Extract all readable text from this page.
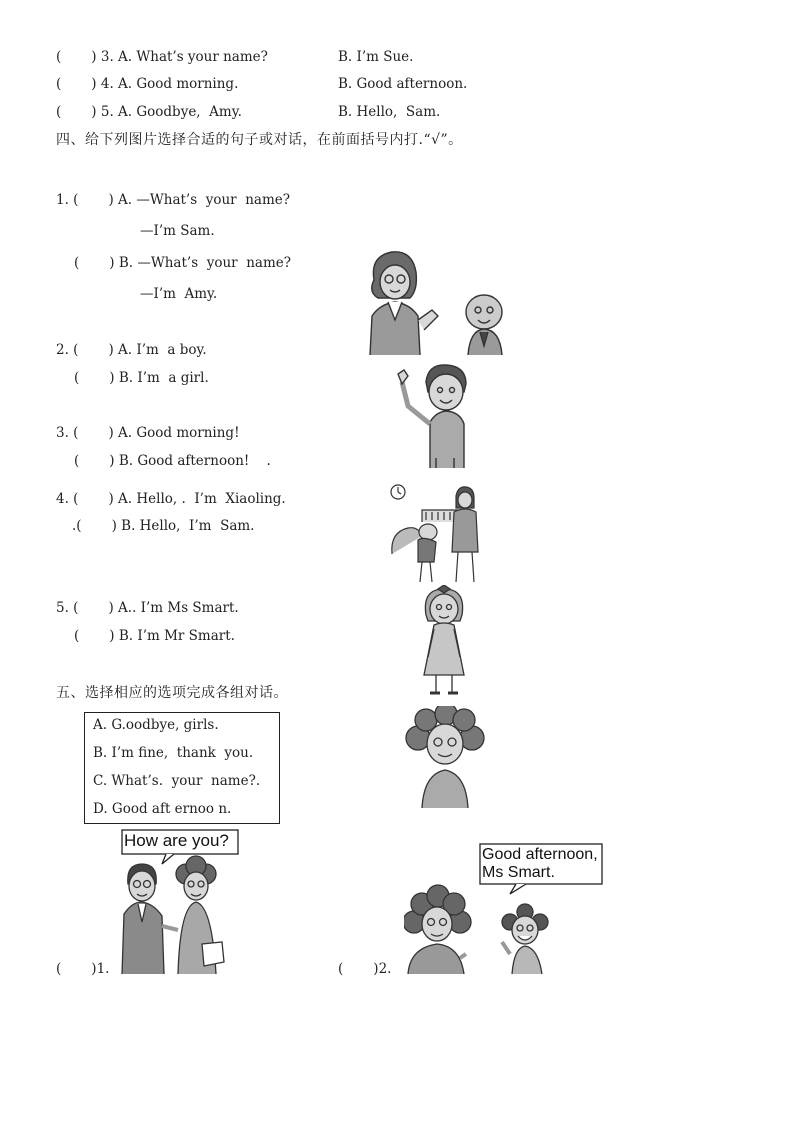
(       ) 3. A. What’s your name?	B. I’m Sue.
(       ) 4. A. Good morning.	B. Good afternoon.
(       ) 5. A. Goodbye,  Amy.	B. Hello,  Sam.
四、给下列图片选择合适的句子或对话，在前面括号内打.“√”。
1. (       ) A. —What’s  your  name?
—I’m Sam.
(       ) B. —What’s  your  name?
—I’m  Amy.
2. (       ) A. I’m  a boy.
(       ) B. I’m  a girl.
3. (       ) A. Good morning!
(       ) B. Good afternoon!    .
4. (       ) A. Hello, .  I’m  Xiaoling.
.(       ) B. Hello,  I’m  Sam.
5. (       ) A.. I’m Ms Smart.
(       ) B. I’m Mr Smart.
五、选择相应的选项完成各组对话。
A. G.oodbye, girls.
B. I’m fine,  thank  you.
C. What’s.  your  name?.
D. Good aft ernoo n.
How are you?
Good afternoon,
Ms Smart.
(       )1.	(       )2.
